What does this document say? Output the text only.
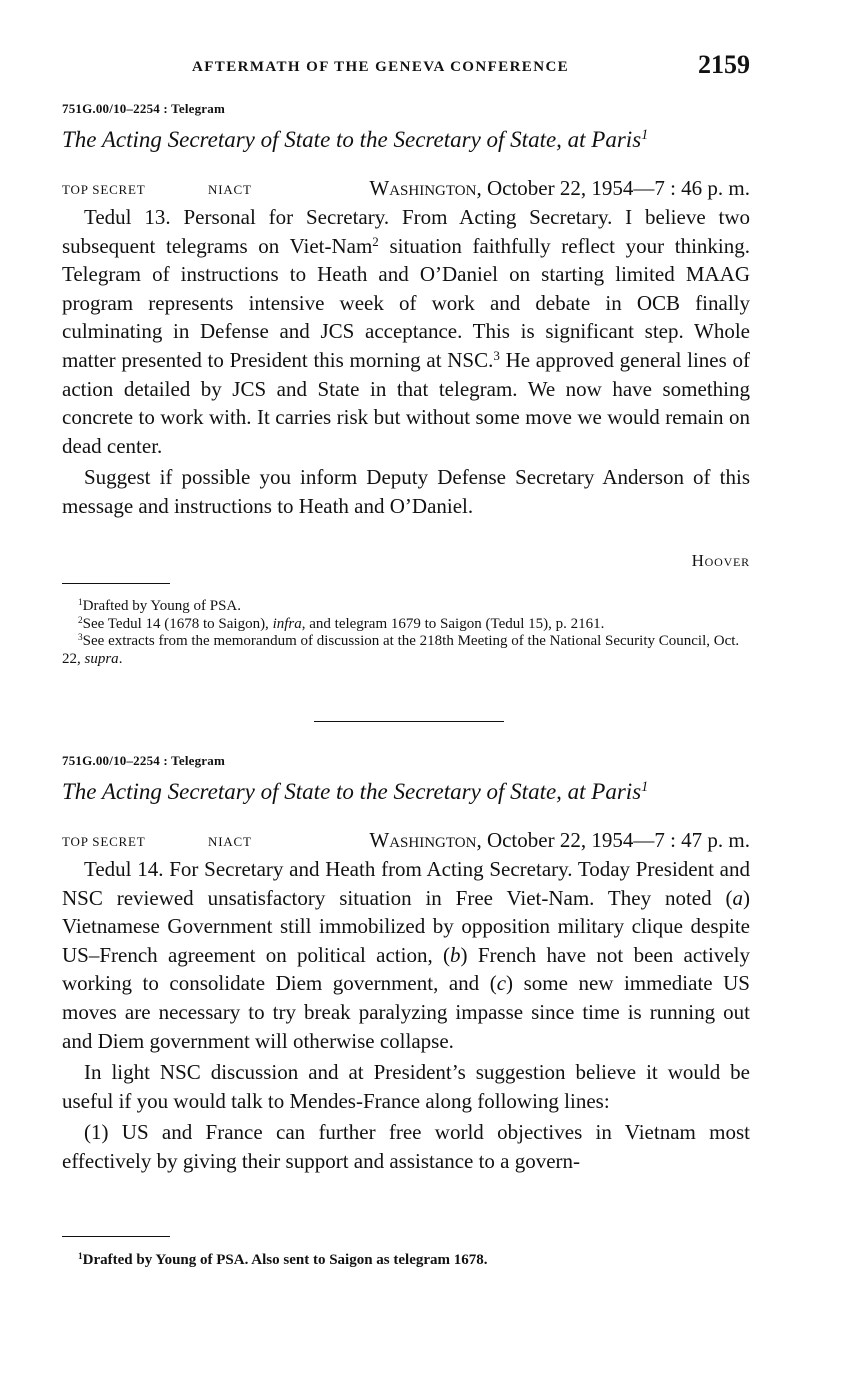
AFTERMATH OF THE GENEVA CONFERENCE	2159
751G.00/10–2254 : Telegram
The Acting Secretary of State to the Secretary of State, at Paris$^1$
TOP SECRET	NIACT	Washington, October 22, 1954—7 : 46 p. m.

Tedul 13. Personal for Secretary. From Acting Secretary. I believe two subsequent telegrams on Viet-Nam$^2$ situation faithfully reflect your thinking. Telegram of instructions to Heath and O’Daniel on starting limited MAAG program represents intensive week of work and debate in OCB finally culminating in Defense and JCS acceptance. This is significant step. Whole matter presented to President this morning at NSC.$^3$ He approved general lines of action detailed by JCS and State in that telegram. We now have something concrete to work with. It carries risk but without some move we would remain on dead center.

Suggest if possible you inform Deputy Defense Secretary Anderson of this message and instructions to Heath and O’Daniel.

Hoover

$^1$Drafted by Young of PSA.

$^2$See Tedul 14 (1678 to Saigon), infra, and telegram 1679 to Saigon (Tedul 15), p. 2161.

$^3$See extracts from the memorandum of discussion at the 218th Meeting of the National Security Council, Oct. 22, supra.

751G.00/10–2254 : Telegram
The Acting Secretary of State to the Secretary of State, at Paris$^1$
TOP SECRET	NIACT	Washington, October 22, 1954—7 : 47 p. m.

Tedul 14. For Secretary and Heath from Acting Secretary. Today President and NSC reviewed unsatisfactory situation in Free Viet-Nam. They noted (a) Vietnamese Government still immobilized by opposition military clique despite US–French agreement on political action, (b) French have not been actively working to consolidate Diem government, and (c) some new immediate US moves are necessary to try break paralyzing impasse since time is running out and Diem government will otherwise collapse.

In light NSC discussion and at President’s suggestion believe it would be useful if you would talk to Mendes-France along following lines:

(1) US and France can further free world objectives in Vietnam most effectively by giving their support and assistance to a govern-

$^1$Drafted by Young of PSA. Also sent to Saigon as telegram 1678.
